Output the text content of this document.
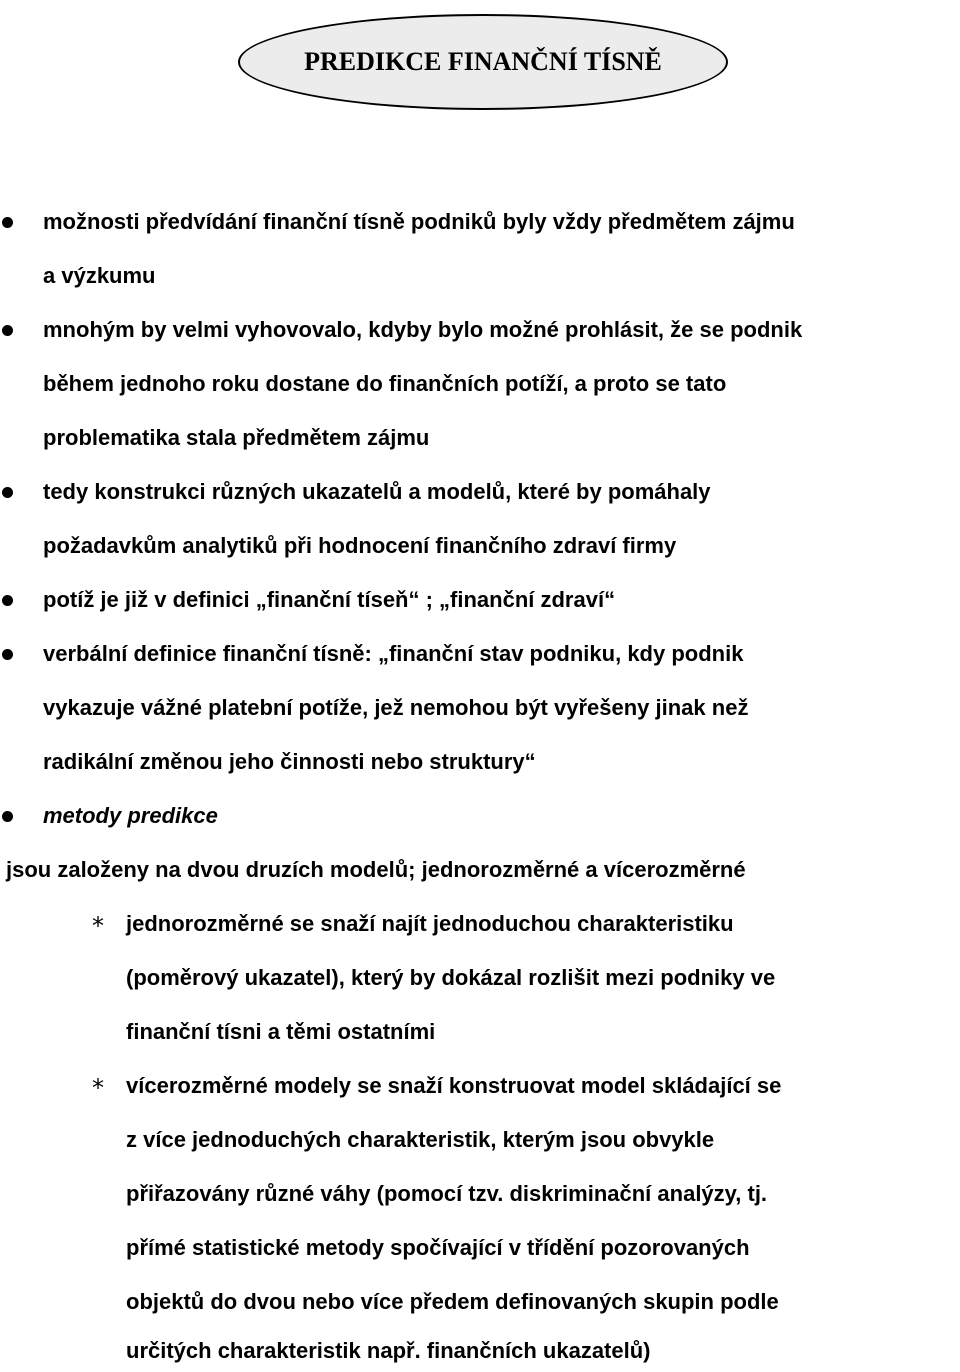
PREDIKCE FINANČNÍ TÍSNĚ
*
*
možnosti předvídání finanční tísně podniků byly vždy předmětem zájmu
a výzkumu
mnohým by velmi vyhovovalo, kdyby bylo možné prohlásit, že se podnik
během jednoho roku dostane do finančních potíží, a proto se tato
problematika stala předmětem zájmu
tedy konstrukci různých ukazatelů a modelů, které by pomáhaly
požadavkům analytiků při hodnocení finančního zdraví firmy
potíž je již v definici „finanční tíseň“ ; „finanční zdraví“
verbální definice finanční tísně: „finanční stav podniku, kdy podnik
vykazuje vážné platební potíže, jež nemohou být vyřešeny jinak než
radikální změnou jeho činnosti nebo struktury“
metody predikce
jsou založeny na dvou druzích modelů; jednorozměrné a vícerozměrné
jednorozměrné se snaží najít jednoduchou charakteristiku
(poměrový ukazatel), který by dokázal rozlišit mezi podniky ve
finanční tísni a těmi ostatními
vícerozměrné modely se snaží konstruovat model skládající se
z více jednoduchých charakteristik, kterým jsou obvykle
přiřazovány různé váhy (pomocí tzv. diskriminační analýzy, tj.
přímé statistické metody spočívající v třídění pozorovaných
objektů do dvou nebo více předem definovaných skupin podle
určitých charakteristik např. finančních ukazatelů)
